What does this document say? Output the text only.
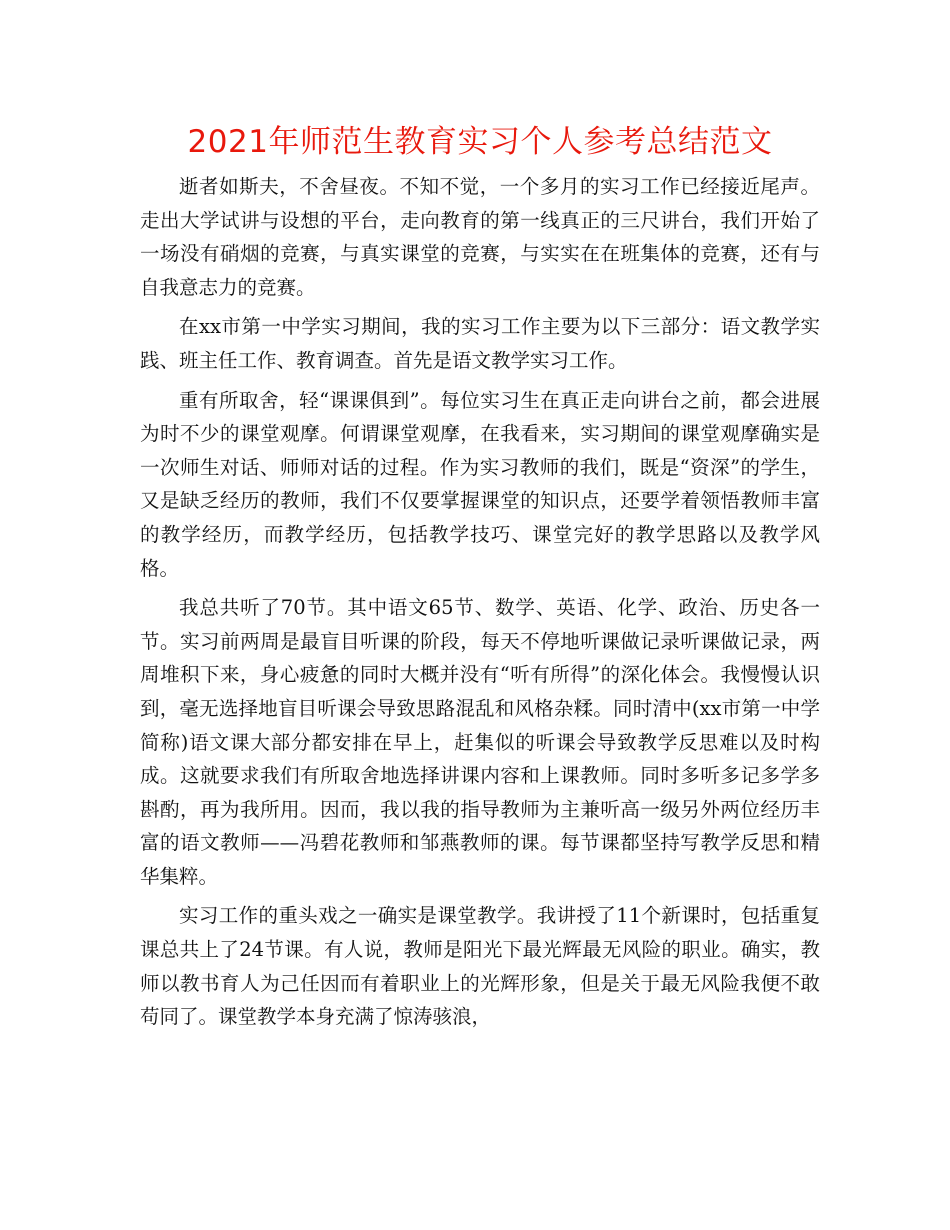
2021年师范生教育实习个人参考总结范文

逝者如斯夫，不舍昼夜。不知不觉，一个多月的实习工作已经接近尾声。走出大学试讲与设想的平台，走向教育的第一线真正的三尺讲台，我们开始了一场没有硝烟的竞赛，与真实课堂的竞赛，与实实在在班集体的竞赛，还有与自我意志力的竞赛。

在xx市第一中学实习期间，我的实习工作主要为以下三部分：语文教学实践、班主任工作、教育调查。首先是语文教学实习工作。

重有所取舍，轻“课课俱到”。每位实习生在真正走向讲台之前，都会进展为时不少的课堂观摩。何谓课堂观摩，在我看来，实习期间的课堂观摩确实是一次师生对话、师师对话的过程。作为实习教师的我们，既是“资深”的学生，又是缺乏经历的教师，我们不仅要掌握课堂的知识点，还要学着领悟教师丰富的教学经历，而教学经历，包括教学技巧、课堂完好的教学思路以及教学风格。

我总共听了70节。其中语文65节、数学、英语、化学、政治、历史各一节。实习前两周是最盲目听课的阶段，每天不停地听课做记录听课做记录，两周堆积下来，身心疲惫的同时大概并没有“听有所得”的深化体会。我慢慢认识到，毫无选择地盲目听课会导致思路混乱和风格杂糅。同时清中(xx市第一中学简称)语文课大部分都安排在早上，赶集似的听课会导致教学反思难以及时构成。这就要求我们有所取舍地选择讲课内容和上课教师。同时多听多记多学多斟酌，再为我所用。因而，我以我的指导教师为主兼听高一级另外两位经历丰富的语文教师——冯碧花教师和邹燕教师的课。每节课都坚持写教学反思和精华集粹。

实习工作的重头戏之一确实是课堂教学。我讲授了11个新课时，包括重复课总共上了24节课。有人说，教师是阳光下最光辉最无风险的职业。确实，教师以教书育人为己任因而有着职业上的光辉形象，但是关于最无风险我便不敢苟同了。课堂教学本身充满了惊涛骇浪，
